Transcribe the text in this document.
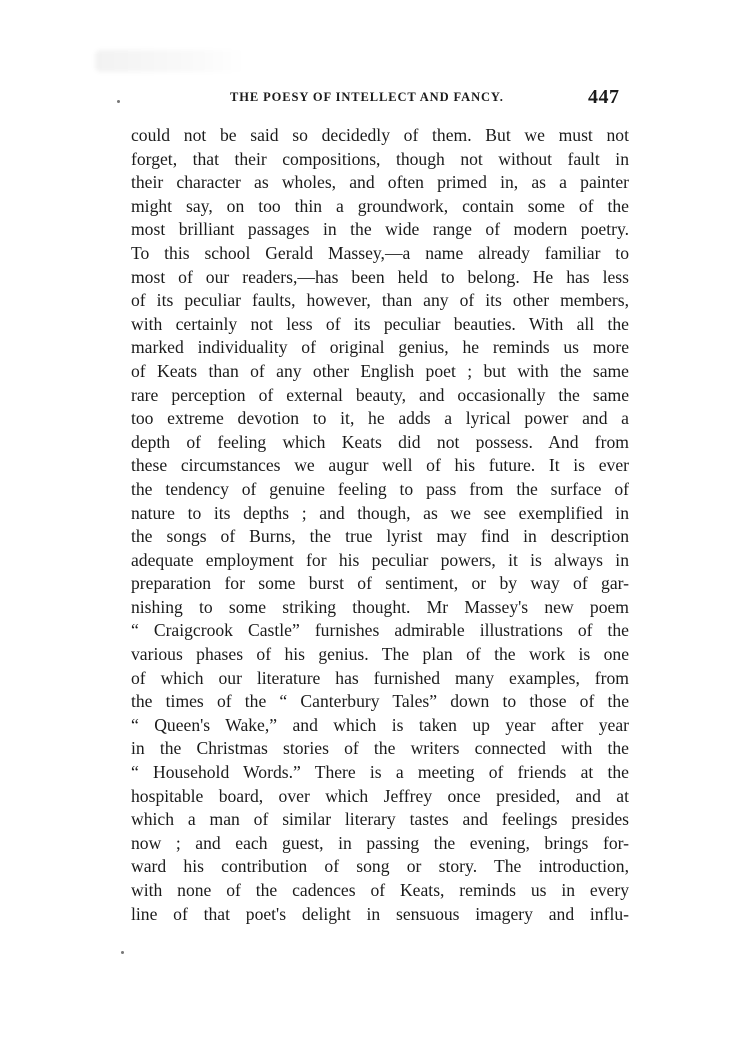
THE POESY OF INTELLECT AND FANCY.	447
could not be said so decidedly of them. But we must not
forget, that their compositions, though not without fault in
their character as wholes, and often primed in, as a painter
might say, on too thin a groundwork, contain some of the
most brilliant passages in the wide range of modern poetry.
To this school Gerald Massey,—a name already familiar to
most of our readers,—has been held to belong. He has less
of its peculiar faults, however, than any of its other members,
with certainly not less of its peculiar beauties. With all the
marked individuality of original genius, he reminds us more
of Keats than of any other English poet ; but with the same
rare perception of external beauty, and occasionally the same
too extreme devotion to it, he adds a lyrical power and a
depth of feeling which Keats did not possess. And from
these circumstances we augur well of his future. It is ever
the tendency of genuine feeling to pass from the surface of
nature to its depths ; and though, as we see exemplified in
the songs of Burns, the true lyrist may find in description
adequate employment for his peculiar powers, it is always in
preparation for some burst of sentiment, or by way of gar-
nishing to some striking thought. Mr Massey's new poem
“ Craigcrook Castle” furnishes admirable illustrations of the
various phases of his genius. The plan of the work is one
of which our literature has furnished many examples, from
the times of the “ Canterbury Tales” down to those of the
“ Queen's Wake,” and which is taken up year after year
in the Christmas stories of the writers connected with the
“ Household Words.” There is a meeting of friends at the
hospitable board, over which Jeffrey once presided, and at
which a man of similar literary tastes and feelings presides
now ; and each guest, in passing the evening, brings for-
ward his contribution of song or story. The introduction,
with none of the cadences of Keats, reminds us in every
line of that poet's delight in sensuous imagery and influ-
